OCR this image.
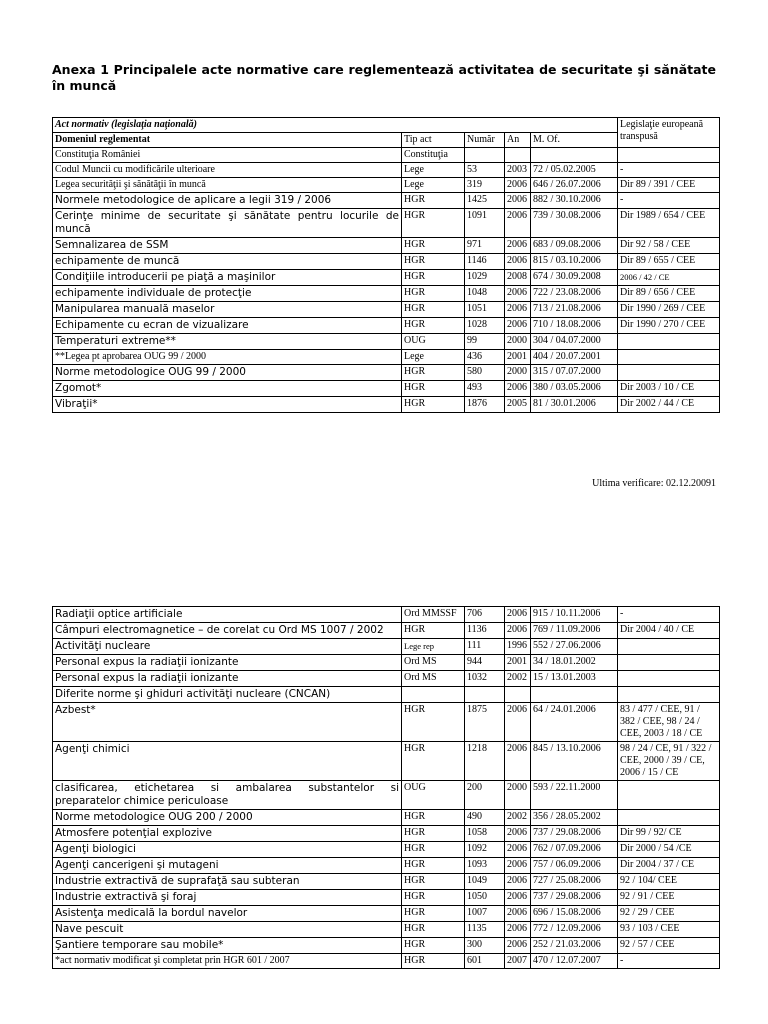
Anexa 1 Principalele acte normative care reglementează activitatea de securitate şi sănătate în muncă
Act normativ (legislaţia naţională)					Legislaţie europeană transpusă
Domeniul reglementat	Tip act	Număr	An	M. Of.	
Constituţia României	Constituţia				
Codul Muncii cu modificările ulterioare	Lege	53	2003	72 / 05.02.2005	-
Legea securităţii şi sănătăţii în muncă	Lege	319	2006	646 / 26.07.2006	Dir 89 / 391 / CEE
Normele metodologice de aplicare a legii 319 / 2006	HGR	1425	2006	882 / 30.10.2006	-
Cerinţe minime de securitate şi sănătate pentru locurile de muncă	HGR	1091	2006	739 / 30.08.2006	Dir 1989 / 654 / CEE
Semnalizarea de SSM	HGR	971	2006	683 / 09.08.2006	Dir 92 / 58 / CEE
echipamente de muncă	HGR	1146	2006	815 / 03.10.2006	Dir 89 / 655 / CEE
Condiţiile introducerii pe piaţă a maşinilor	HGR	1029	2008	674 / 30.09.2008	2006 / 42 / CE
echipamente individuale de protecţie	HGR	1048	2006	722 / 23.08.2006	Dir 89 / 656 / CEE
Manipularea manuală maselor	HGR	1051	2006	713 / 21.08.2006	Dir 1990 / 269 / CEE
Echipamente cu ecran de vizualizare	HGR	1028	2006	710 / 18.08.2006	Dir 1990 / 270 / CEE
Temperaturi extreme**	OUG	99	2000	304 / 04.07.2000	
**Legea pt aprobarea OUG 99 / 2000	Lege	436	2001	404 / 20.07.2001	
Norme metodologice OUG 99 / 2000	HGR	580	2000	315 / 07.07.2000	
Zgomot*	HGR	493	2006	380 / 03.05.2006	Dir 2003 / 10 / CE
Vibraţii*	HGR	1876	2005	81 / 30.01.2006	Dir 2002 / 44 / CE
Ultima verificare: 02.12.20091
Radiaţii optice artificiale	Ord MMSSF	706	2006	915 / 10.11.2006	-
Câmpuri electromagnetice – de corelat cu Ord MS 1007 / 2002	HGR	1136	2006	769 / 11.09.2006	Dir 2004 / 40 / CE
Activităţi nucleare	Lege rep	111	1996	552 / 27.06.2006	
Personal expus la radiaţii ionizante	Ord MS	944	2001	34 / 18.01.2002	
Personal expus la radiaţii ionizante	Ord MS	1032	2002	15 / 13.01.2003	
Diferite norme şi ghiduri activităţi nucleare (CNCAN)					
Azbest*	HGR	1875	2006	64 / 24.01.2006	83 / 477 / CEE, 91 / 382 / CEE, 98 / 24 / CEE, 2003 / 18 / CE
Agenţi chimici	HGR	1218	2006	845 / 13.10.2006	98 / 24 / CE, 91 / 322 / CEE, 2000 / 39 / CE, 2006 / 15 / CE
clasificarea, etichetarea si ambalarea substantelor si preparatelor chimice periculoase	OUG	200	2000	593 / 22.11.2000	
Norme metodologice OUG 200 / 2000	HGR	490	2002	356 / 28.05.2002	
Atmosfere potenţial explozive	HGR	1058	2006	737 / 29.08.2006	Dir 99 / 92/ CE
Agenţi biologici	HGR	1092	2006	762 / 07.09.2006	Dir 2000 / 54 /CE
Agenţi cancerigeni şi mutageni	HGR	1093	2006	757 / 06.09.2006	Dir 2004 / 37 / CE
Industrie extractivă de suprafaţă sau subteran	HGR	1049	2006	727 / 25.08.2006	92 / 104/ CEE
Industrie extractivă şi foraj	HGR	1050	2006	737 / 29.08.2006	92 / 91 / CEE
Asistenţa medicală la bordul navelor	HGR	1007	2006	696 / 15.08.2006	92 / 29 / CEE
Nave pescuit	HGR	1135	2006	772 / 12.09.2006	93 / 103 / CEE
Şantiere temporare sau mobile*	HGR	300	2006	252 / 21.03.2006	92 / 57 / CEE
*act normativ modificat şi completat prin HGR 601 / 2007	HGR	601	2007	470 / 12.07.2007	-
